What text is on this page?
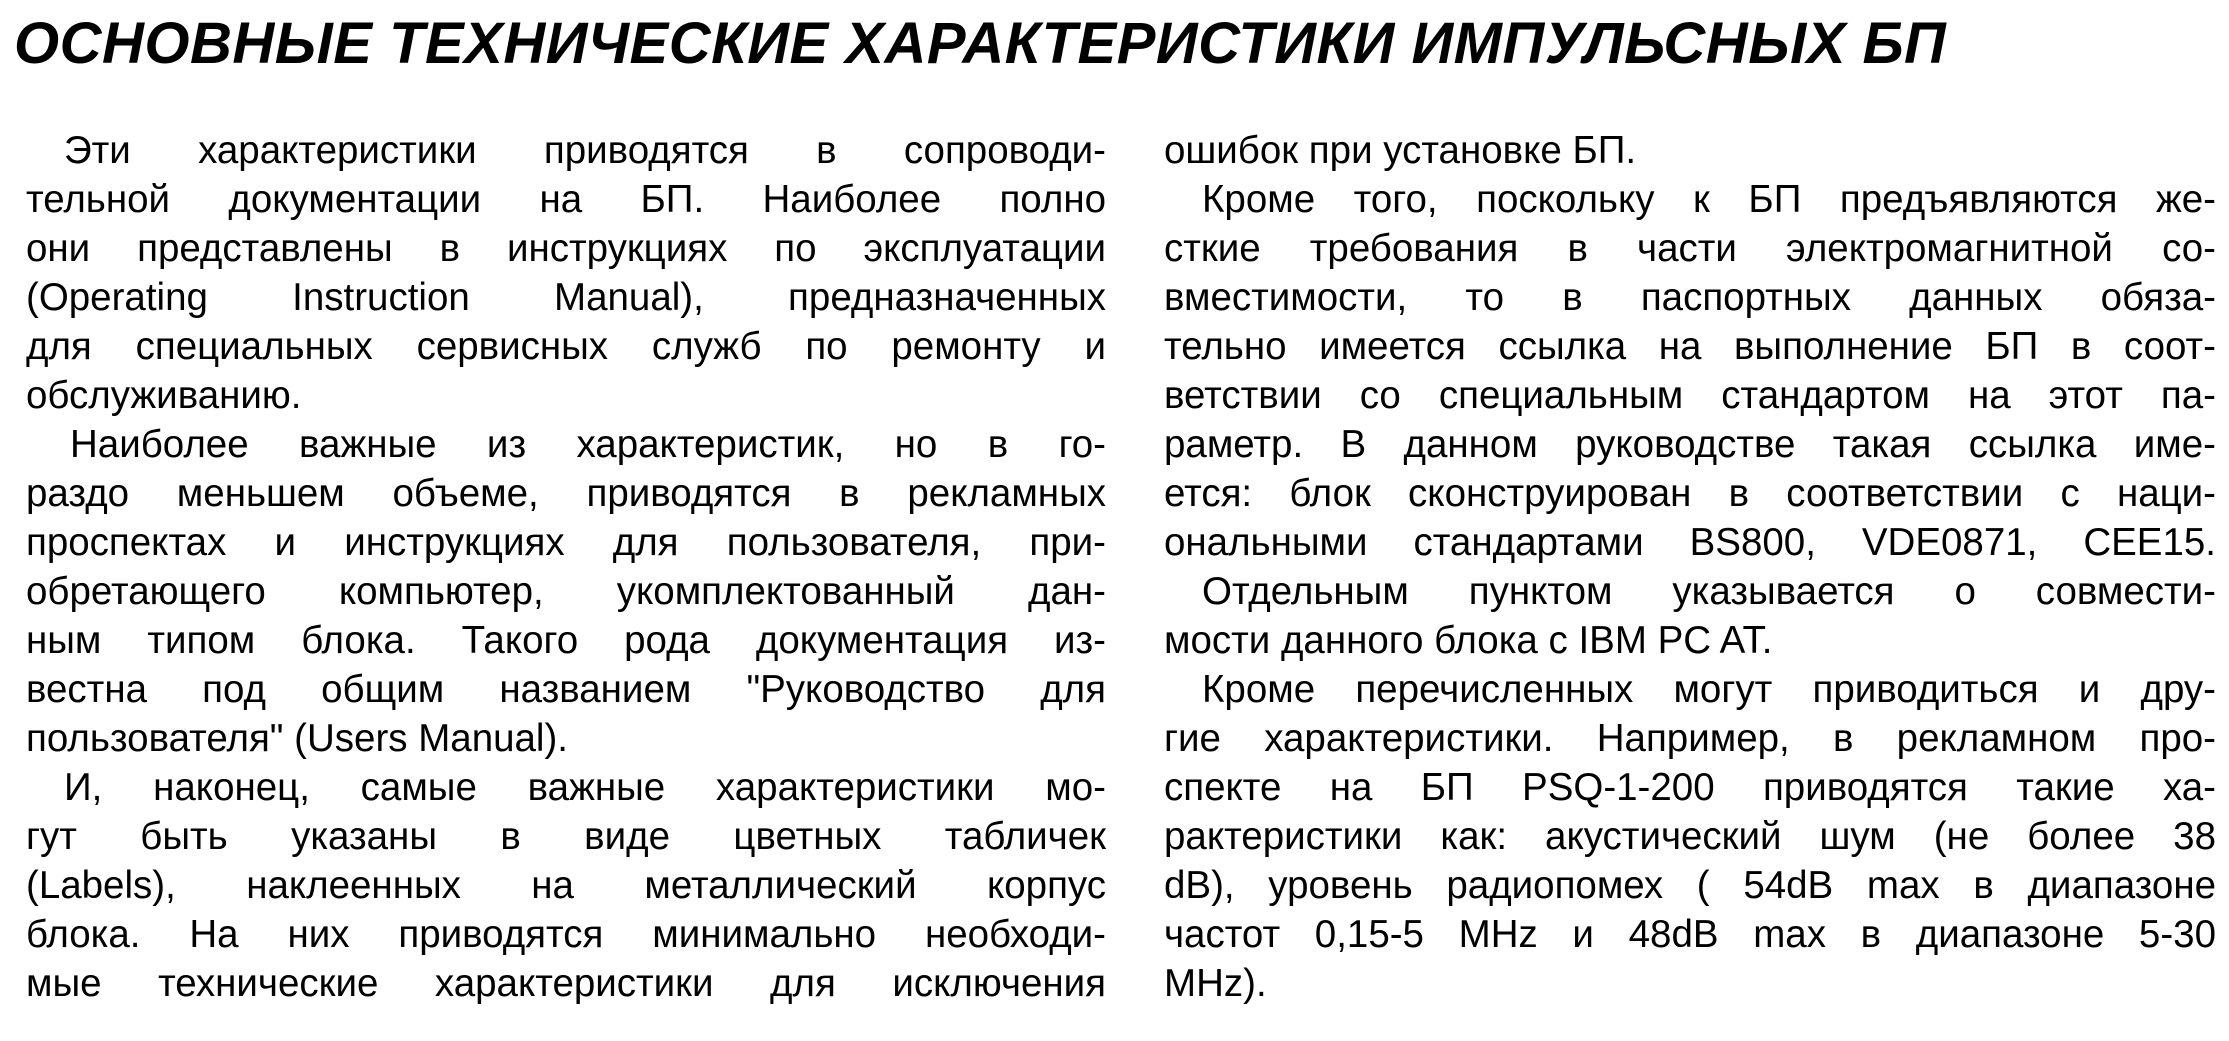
ОСНОВНЫЕ ТЕХНИЧЕСКИЕ ХАРАКТЕРИСТИКИ ИМПУЛЬСНЫХ БП
Эти характеристики приводятся в сопроводи-
тельной документации на БП. Наиболее полно
они представлены в инструкциях по эксплуатации
(Operating Instruction Manual), предназначенных
для специальных сервисных служб по ремонту и
обслуживанию.
Наиболее важные из характеристик, но в го-
раздо меньшем объеме, приводятся в рекламных
проспектах и инструкциях для пользователя, при-
обретающего компьютер, укомплектованный дан-
ным типом блока. Такого рода документация из-
вестна под общим названием "Руководство для
пользователя" (Users Manual).
И, наконец, самые важные характеристики мо-
гут быть указаны в виде цветных табличек
(Labels), наклеенных на металлический корпус
блока. На них приводятся минимально необходи-
мые технические характеристики для исключения
ошибок при установке БП.
Кроме того, поскольку к БП предъявляются же-
сткие требования в части электромагнитной со-
вместимости, то в паспортных данных обяза-
тельно имеется ссылка на выполнение БП в соот-
ветствии со специальным стандартом на этот па-
раметр. В данном руководстве такая ссылка име-
ется: блок сконструирован в соответствии с наци-
ональными стандартами BS800, VDE0871, CEE15.
Отдельным пунктом указывается о совмести-
мости данного блока с IBM PC AT.
Кроме перечисленных могут приводиться и дру-
гие характеристики. Например, в рекламном про-
спекте на БП PSQ-1-200 приводятся такие ха-
рактеристики как: акустический шум (не более 38
dB), уровень радиопомех ( 54dB max в диапазоне
частот 0,15-5 MHz и 48dB max в диапазоне 5-30
MHz).
